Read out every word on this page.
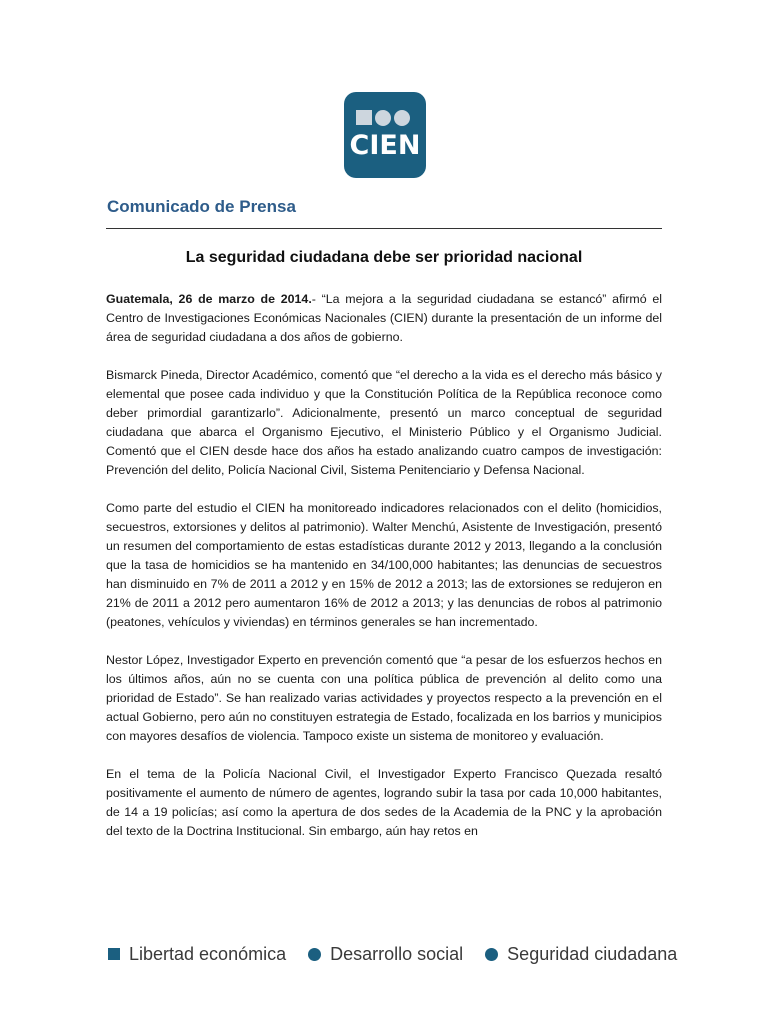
CIEN
Comunicado de Prensa
La seguridad ciudadana debe ser prioridad nacional

Guatemala, 26 de marzo de 2014.- “La mejora a la seguridad ciudadana se estancó” afirmó el Centro de Investigaciones Económicas Nacionales (CIEN) durante la presentación de un informe del área de seguridad ciudadana a dos años de gobierno.

Bismarck Pineda, Director Académico, comentó que “el derecho a la vida es el derecho más básico y elemental que posee cada individuo y que la Constitución Política de la República reconoce como deber primordial garantizarlo”. Adicionalmente, presentó un marco conceptual de seguridad ciudadana que abarca el Organismo Ejecutivo, el Ministerio Público y el Organismo Judicial. Comentó que el CIEN desde hace dos años ha estado analizando cuatro campos de investigación: Prevención del delito, Policía Nacional Civil, Sistema Penitenciario y Defensa Nacional.

Como parte del estudio el CIEN ha monitoreado indicadores relacionados con el delito (homicidios, secuestros, extorsiones y delitos al patrimonio). Walter Menchú, Asistente de Investigación, presentó un resumen del comportamiento de estas estadísticas durante 2012 y 2013, llegando a la conclusión que la tasa de homicidios se ha mantenido en 34/100,000 habitantes; las denuncias de secuestros han disminuido en 7% de 2011 a 2012 y en 15% de 2012 a 2013; las de extorsiones se redujeron en 21% de 2011 a 2012 pero aumentaron 16% de 2012 a 2013; y las denuncias de robos al patrimonio (peatones, vehículos y viviendas) en términos generales se han incrementado.

Nestor López, Investigador Experto en prevención comentó que “a pesar de los esfuerzos hechos en los últimos años, aún no se cuenta con una política pública de prevención al delito como una prioridad de Estado”. Se han realizado varias actividades y proyectos respecto a la prevención en el actual Gobierno, pero aún no constituyen estrategia de Estado, focalizada en los barrios y municipios con mayores desafíos de violencia. Tampoco existe un sistema de monitoreo y evaluación.

En el tema de la Policía Nacional Civil, el Investigador Experto Francisco Quezada resaltó positivamente el aumento de número de agentes, logrando subir la tasa por cada 10,000 habitantes, de 14 a 19 policías; así como la apertura de dos sedes de la Academia de la PNC y la aprobación del texto de la Doctrina Institucional. Sin embargo, aún hay retos en

Libertad económica Desarrollo social Seguridad ciudadana
